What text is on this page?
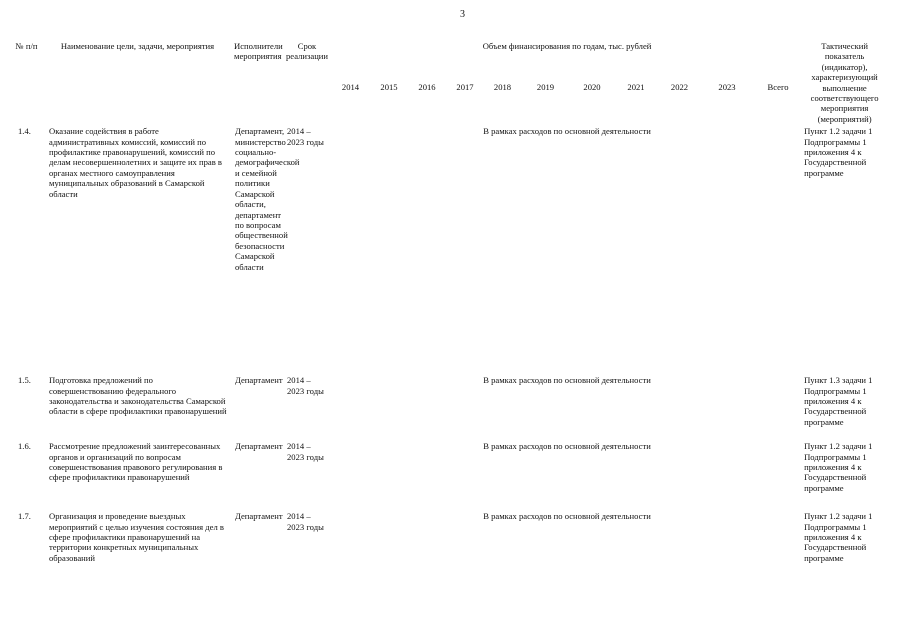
3
№ п/п	Наименование цели, задачи, мероприятия	Исполнители мероприятия	Срок реализации	Объем финансирования по годам, тыс. рублей											Тактический показатель (индикатор), характеризующий выполнение соответствующего мероприятия (мероприятий)
				2014	2015	2016	2017	2018	2019	2020	2021	2022	2023	Всего	
1.4.	Оказание содействия в работе административных комиссий, комиссий по профилактике правонарушений, комиссий по делам несовершеннолетних и защите их прав в органах местного самоуправления муниципальных образований в Самарской области	Департамент, министерство социально-демографической и семейной политики Самарской области, департамент по вопросам общественной безопасности Самарской области	2014 – 2023 годы	В рамках расходов по основной деятельности											Пункт 1.2 задачи 1 Подпрограммы 1 приложения 4 к Государственной программе
1.5.	Подготовка предложений по совершенствованию федерального законодательства и законодательства Самарской области в сфере профилактики правонарушений	Департамент	2014 – 2023 годы	В рамках расходов по основной деятельности											Пункт 1.3 задачи 1 Подпрограммы 1 приложения 4 к Государственной программе
1.6.	Рассмотрение предложений заинтересованных органов и организаций по вопросам совершенствования правового регулирования в сфере профилактики правонарушений	Департамент	2014 – 2023 годы	В рамках расходов по основной деятельности											Пункт 1.2 задачи 1 Подпрограммы 1 приложения 4 к Государственной программе
1.7.	Организация и проведение выездных мероприятий с целью изучения состояния дел в сфере профилактики правонарушений на территории конкретных муниципальных образований	Департамент	2014 – 2023 годы	В рамках расходов по основной деятельности											Пункт 1.2 задачи 1 Подпрограммы 1 приложения 4 к Государственной программе
